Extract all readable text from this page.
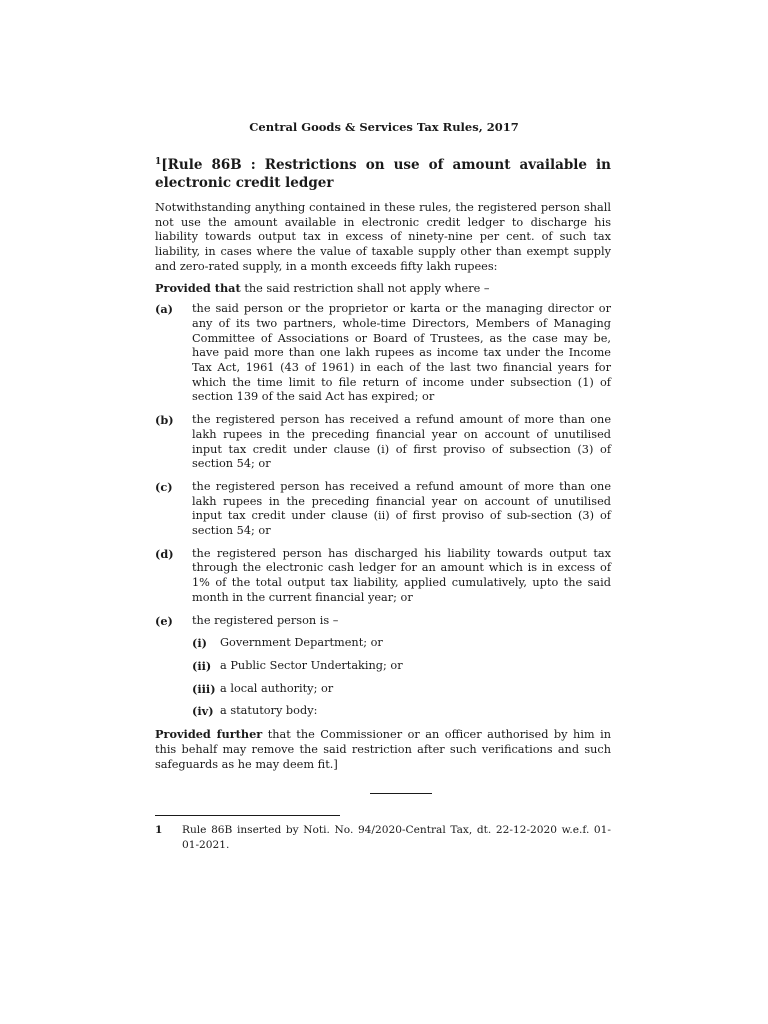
Central Goods & Services Tax Rules, 2017
$^1$[Rule 86B : Restrictions on use of amount available in electronic credit ledger

Notwithstanding anything contained in these rules, the registered person shall not use the amount available in electronic credit ledger to discharge his liability towards output tax in excess of ninety-nine per cent. of such tax liability, in cases where the value of taxable supply other than exempt supply and zero-rated supply, in a month exceeds fifty lakh rupees:

Provided that the said restriction shall not apply where –

(a)	the said person or the proprietor or karta or the managing director or any of its two partners, whole-time Directors, Members of Managing Committee of Associations or Board of Trustees, as the case may be, have paid more than one lakh rupees as income tax under the Income Tax Act, 1961 (43 of 1961) in each of the last two financial years for which the time limit to file return of income under subsection (1) of section 139 of the said Act has expired; or
(b)	the registered person has received a refund amount of more than one lakh rupees in the preceding financial year on account of unutilised input tax credit under clause (i) of first proviso of subsection (3) of section 54; or
(c)	the registered person has received a refund amount of more than one lakh rupees in the preceding financial year on account of unutilised input tax credit under clause (ii) of first proviso of sub-section (3) of section 54; or
(d)	the registered person has discharged his liability towards output tax through the electronic cash ledger for an amount which is in excess of 1% of the total output tax liability, applied cumulatively, upto the said month in the current financial year; or
(e)	the registered person is –
(i)	Government Department; or
(ii) a Public Sector Undertaking; or
(iii) a local authority; or
(iv) a statutory body:

Provided further that the Commissioner or an officer authorised by him in this behalf may remove the said restriction after such verifications and such safeguards as he may deem fit.]

1	Rule 86B inserted by Noti. No. 94/2020-Central Tax, dt. 22-12-2020 w.e.f. 01-01-2021.
